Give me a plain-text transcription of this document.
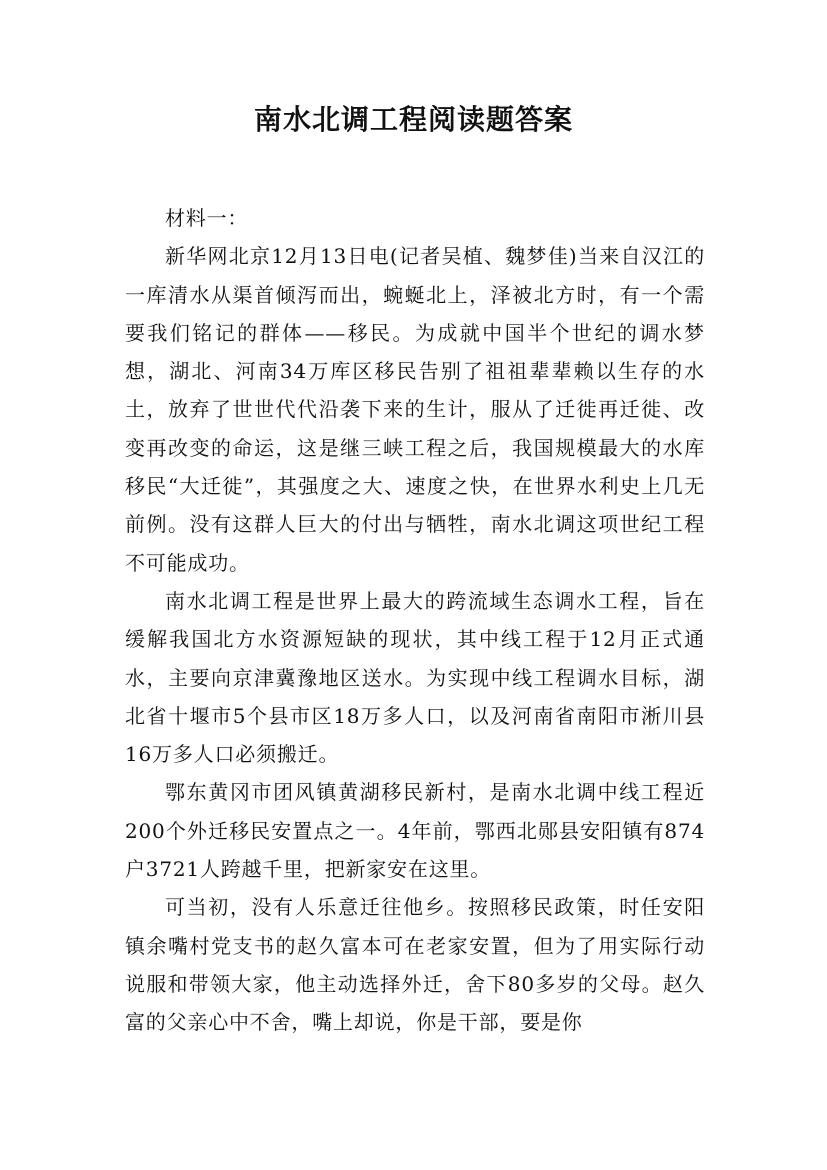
南水北调工程阅读题答案

材料一：

新华网北京12月13日电(记者吴植、魏梦佳)当来自汉江的一库清水从渠首倾泻而出，蜿蜒北上，泽被北方时，有一个需要我们铭记的群体——移民。为成就中国半个世纪的调水梦想，湖北、河南34万库区移民告别了祖祖辈辈赖以生存的水土，放弃了世世代代沿袭下来的生计，服从了迁徙再迁徙、改变再改变的命运，这是继三峡工程之后，我国规模最大的水库移民“大迁徙”，其强度之大、速度之快，在世界水利史上几无前例。没有这群人巨大的付出与牺牲，南水北调这项世纪工程不可能成功。

南水北调工程是世界上最大的跨流域生态调水工程，旨在缓解我国北方水资源短缺的现状，其中线工程于12月正式通水，主要向京津冀豫地区送水。为实现中线工程调水目标，湖北省十堰市5个县市区18万多人口，以及河南省南阳市淅川县16万多人口必须搬迁。

鄂东黄冈市团风镇黄湖移民新村，是南水北调中线工程近200个外迁移民安置点之一。4年前，鄂西北郧县安阳镇有874户3721人跨越千里，把新家安在这里。

可当初，没有人乐意迁往他乡。按照移民政策，时任安阳镇余嘴村党支书的赵久富本可在老家安置，但为了用实际行动说服和带领大家，他主动选择外迁，舍下80多岁的父母。赵久富的父亲心中不舍，嘴上却说，你是干部，要是你
